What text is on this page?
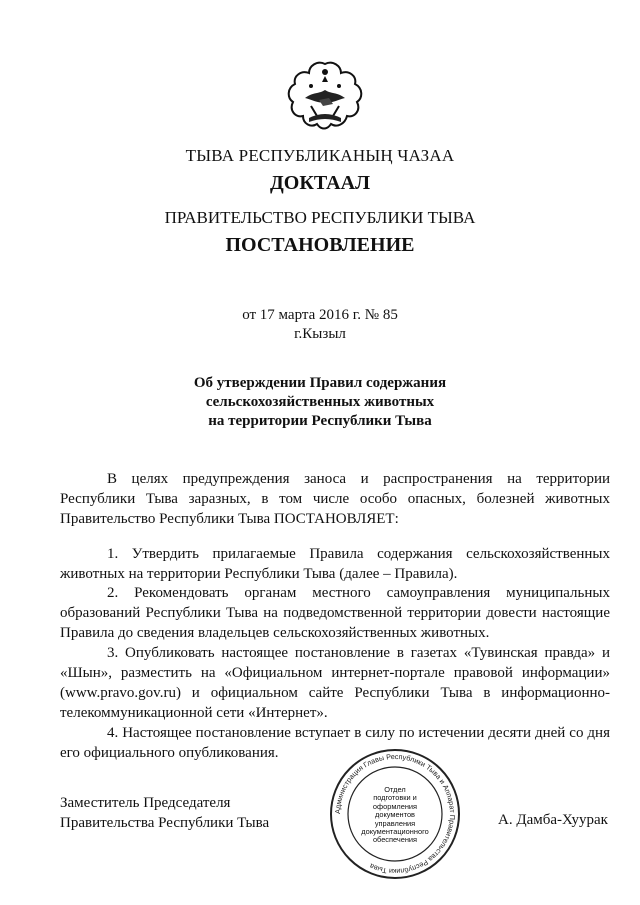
ТЫВА РЕСПУБЛИКАНЫҢ ЧАЗАА
ДОКТААЛ
ПРАВИТЕЛЬСТВО РЕСПУБЛИКИ ТЫВА
ПОСТАНОВЛЕНИЕ
от 17 марта 2016 г. № 85
г.Кызыл
Об утверждении Правил содержания
сельскохозяйственных животных
на территории Республики Тыва
В целях предупреждения заноса и распространения на территории Республики Тыва заразных, в том числе особо опасных, болезней животных Правительство Республики Тыва ПОСТАНОВЛЯЕТ:
1. Утвердить прилагаемые Правила содержания сельскохозяйственных животных на территории Республики Тыва (далее – Правила).
2. Рекомендовать органам местного самоуправления муниципальных образований Республики Тыва на подведомственной территории довести настоящие Правила до сведения владельцев сельскохозяйственных животных.
3. Опубликовать настоящее постановление в газетах «Тувинская правда» и «Шын», разместить на «Официальном интернет-портале правовой информации» (www.pravo.gov.ru) и официальном сайте Республики Тыва в информационно-телекоммуникационной сети «Интернет».
4. Настоящее постановление вступает в силу по истечении десяти дней со дня его официального опубликования.
Заместитель Председателя
Правительства Республики Тыва
Администрация Главы Республики Тыва и Аппарат Правительства Республики Тыва
Отдел
подготовки и
оформления документов
управления
документационного
обеспечения
А. Дамба-Хуурак
